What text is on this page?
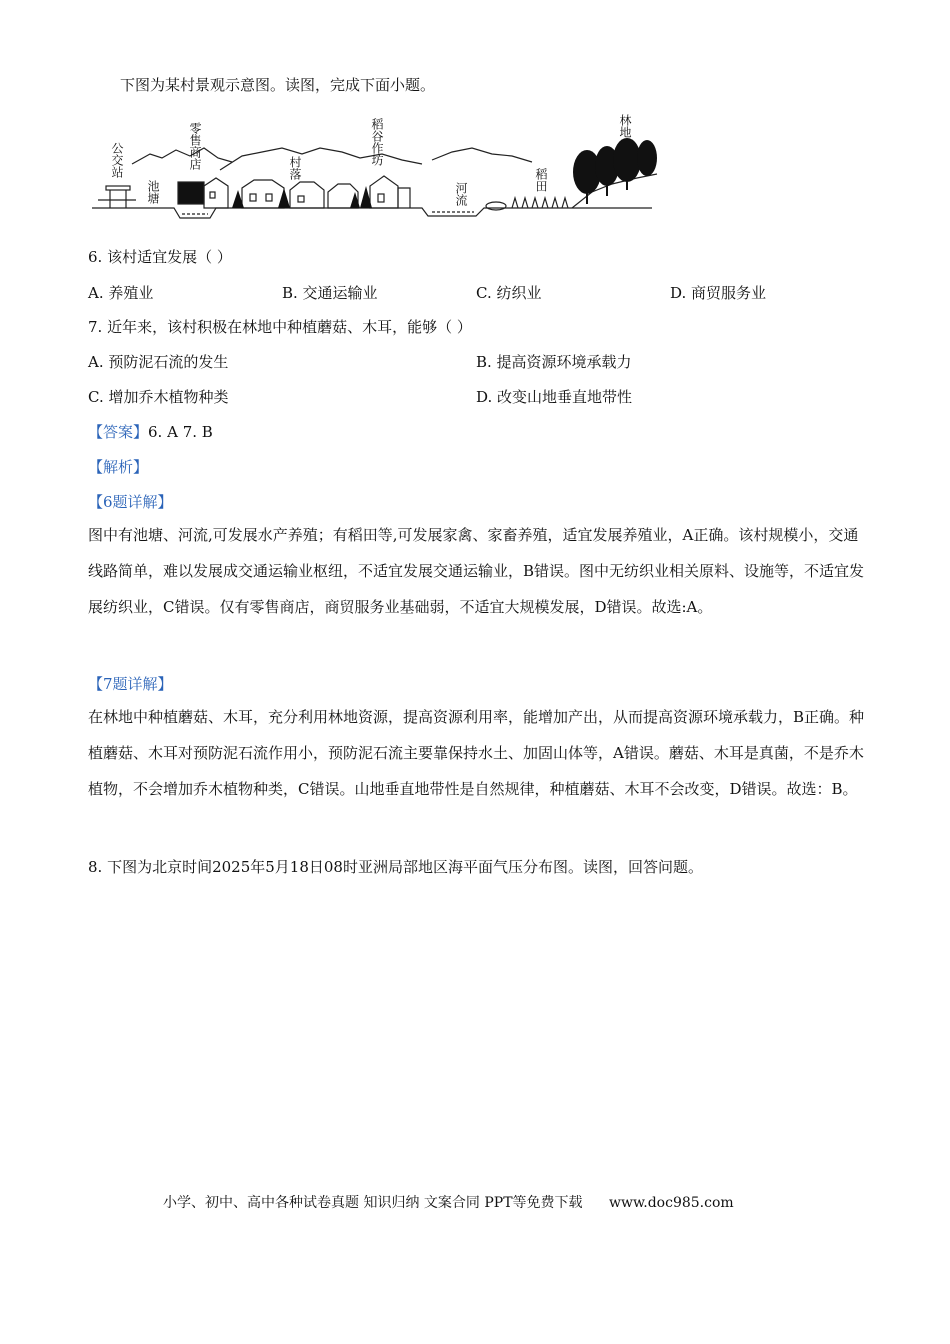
下图为某村景观示意图。读图，完成下面小题。
公交站	零售商店
池塘
村落
稻谷作坊
河流
稻田
林地
6. 该村适宜发展（ ）
A. 养殖业	B. 交通运输业	C. 纺织业	D. 商贸服务业
7. 近年来，该村积极在林地中种植蘑菇、木耳，能够（ ）
A. 预防泥石流的发生	B. 提高资源环境承载力
C. 增加乔木植物种类	D. 改变山地垂直地带性
【答案】6. A 7. B
【解析】
【6题详解】
图中有池塘、河流,可发展水产养殖；有稻田等,可发展家禽、家畜养殖，适宜发展养殖业，A正确。该村规模小，交通线路简单，难以发展成交通运输业枢纽，不适宜发展交通运输业，B错误。图中无纺织业相关原料、设施等，不适宜发展纺织业，C错误。仅有零售商店，商贸服务业基础弱，不适宜大规模发展，D错误。故选:A。
【7题详解】
在林地中种植蘑菇、木耳，充分利用林地资源，提高资源利用率，能增加产出，从而提高资源环境承载力，B正确。种植蘑菇、木耳对预防泥石流作用小，预防泥石流主要靠保持水土、加固山体等，A错误。蘑菇、木耳是真菌，不是乔木植物，不会增加乔木植物种类，C错误。山地垂直地带性是自然规律，种植蘑菇、木耳不会改变，D错误。故选：B。
8. 下图为北京时间2025年5月18日08时亚洲局部地区海平面气压分布图。读图，回答问题。
小学、初中、高中各种试卷真题 知识归纳 文案合同 PPT等免费下载 www.doc985.com
